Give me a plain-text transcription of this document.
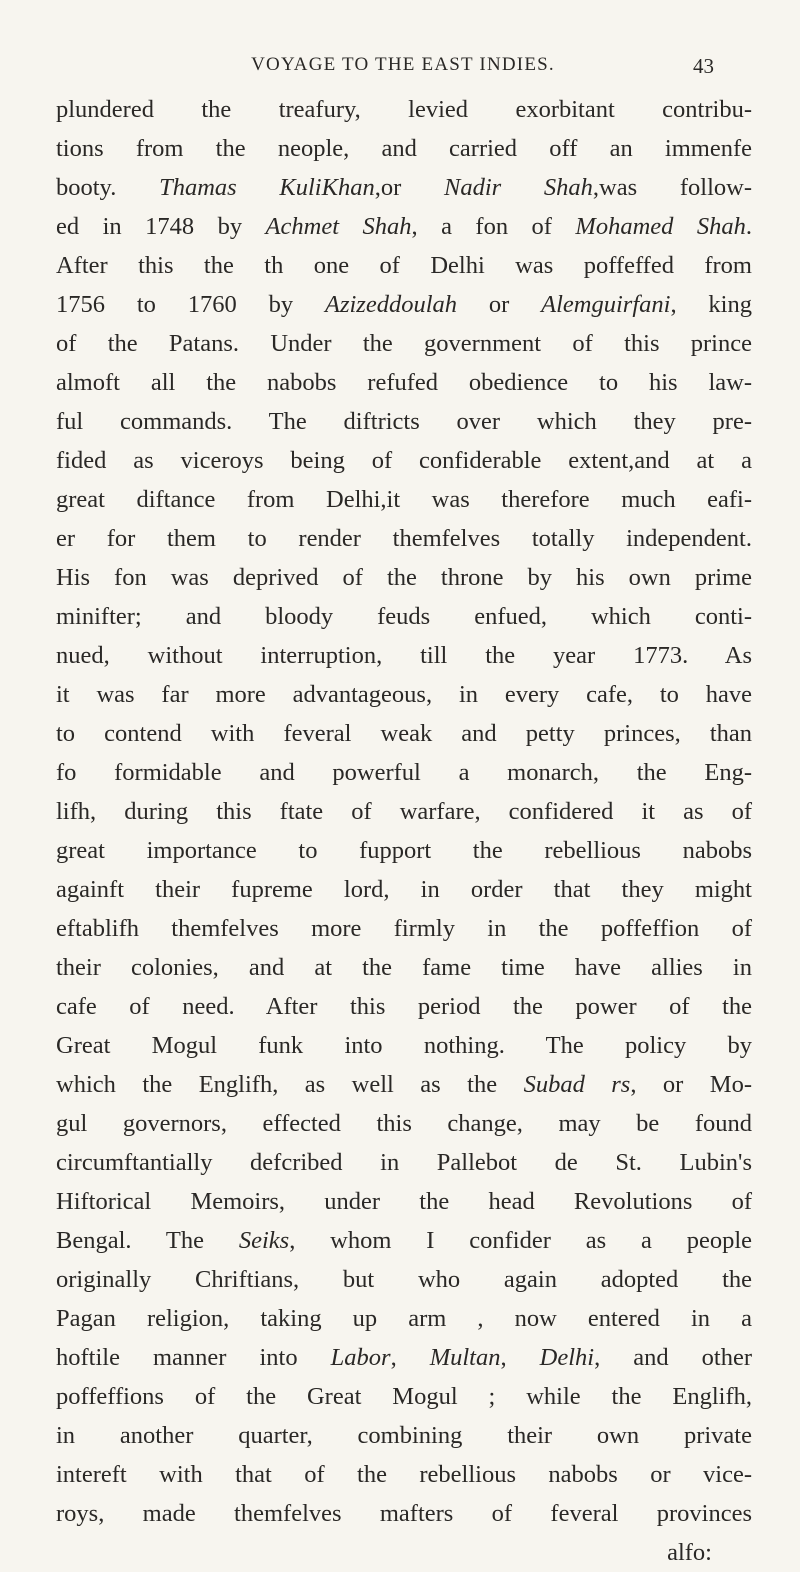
VOYAGE TO THE EAST INDIES.	43
plundered the treafury, levied exorbitant contribu-
tions from the neople, and carried off an immenfe
booty. Thamas KuliKhan,or Nadir Shah,was follow-
ed in 1748 by Achmet Shah, a fon of Mohamed Shah.
After this the th one of Delhi was poffeffed from
1756 to 1760 by Azizeddoulah or Alemguirfani, king
of the Patans. Under the government of this prince
almoft all the nabobs refufed obedience to his law-
ful commands. The diftricts over which they pre-
fided as viceroys being of confiderable extent,and at a
great diftance from Delhi,it was therefore much eafi-
er for them to render themfelves totally independent.
His fon was deprived of the throne by his own prime
minifter; and bloody feuds enfued, which conti-
nued, without interruption, till the year 1773. As
it was far more advantageous, in every cafe, to have
to contend with feveral weak and petty princes, than
fo formidable and powerful a monarch, the Eng-
lifh, during this ftate of warfare, confidered it as of
great importance to fupport the rebellious nabobs
againft their fupreme lord, in order that they might
eftablifh themfelves more firmly in the poffeffion of
their colonies, and at the fame time have allies in
cafe of need. After this period the power of the
Great Mogul funk into nothing. The policy by
which the Englifh, as well as the Subad rs, or Mo-
gul governors, effected this change, may be found
circumftantially defcribed in Pallebot de St. Lubin's
Hiftorical Memoirs, under the head Revolutions of
Bengal. The Seiks, whom I confider as a people
originally Chriftians, but who again adopted the
Pagan religion, taking up arm , now entered in a
hoftile manner into Labor, Multan, Delhi, and other
poffeffions of the Great Mogul ; while the Englifh,
in another quarter, combining their own private
intereft with that of the rebellious nabobs or vice-
roys, made themfelves mafters of feveral provinces
alfo:
